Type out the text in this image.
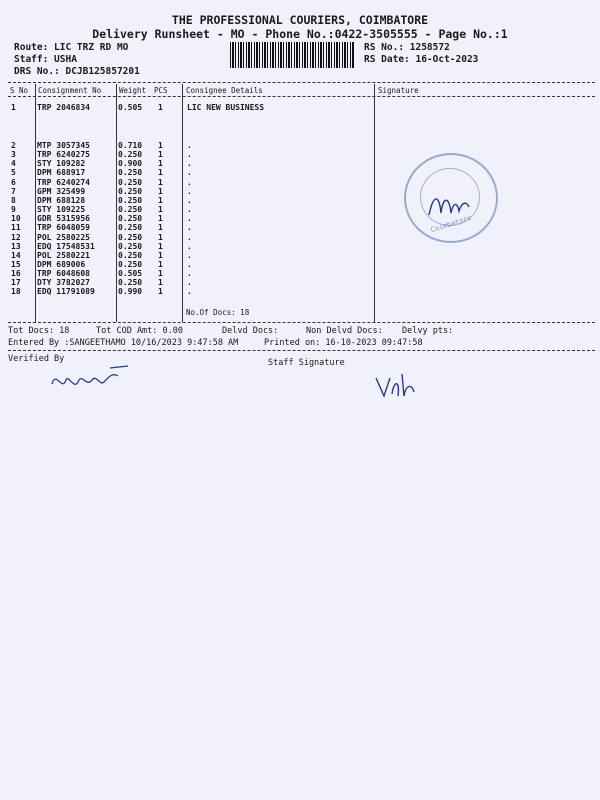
THE PROFESSIONAL COURIERS, COIMBATORE
Delivery Runsheet - MO - Phone No.:0422-3505555 - Page No.:1
Route: LIC TRZ RD MO
Staff: USHA
DRS No.: DCJB125857201
RS No.: 1258572
RS Date: 16-Oct-2023
S No Consignment No Weight PCS Consignee Details	Signature
1	TRP 2046834	0.505 1	LIC NEW BUSINESS
2	MTP 3057345	0.710 1	.
3	TRP 6240275	0.250 1	.
4	STY 109282	0.900 1	.
5	DPM 688917	0.250 1	.
6	TRP 6240274	0.250 1	.
7	GPM 325499	0.250 1	.
8	DPM 688128	0.250 1	.
9	STY 109225	0.250 1	.
10 GDR 5315956	0.250 1	.
11 TRP 6048059	0.250 1	.
12 POL 2580225	0.250 1	.
13 EDQ 17548531	0.250 1	.
14 POL 2580221	0.250 1	.
15 DPM 689006	0.250 1	.
16 TRP 6048608	0.505 1	.
17 DTY 3782027	0.250 1	.
18 EDQ 11791089	0.990 1	.
No.Of Docs: 18
Coimbatore
Tot Docs: 18	Tot COD Amt: 0.00	Delvd Docs:	Non Delvd Docs: Delvy pts:
Entered By :SANGEETHAMO 10/16/2023 9:47:58 AM	Printed on: 16-10-2023 09:47:58
Verified By	Staff Signature
